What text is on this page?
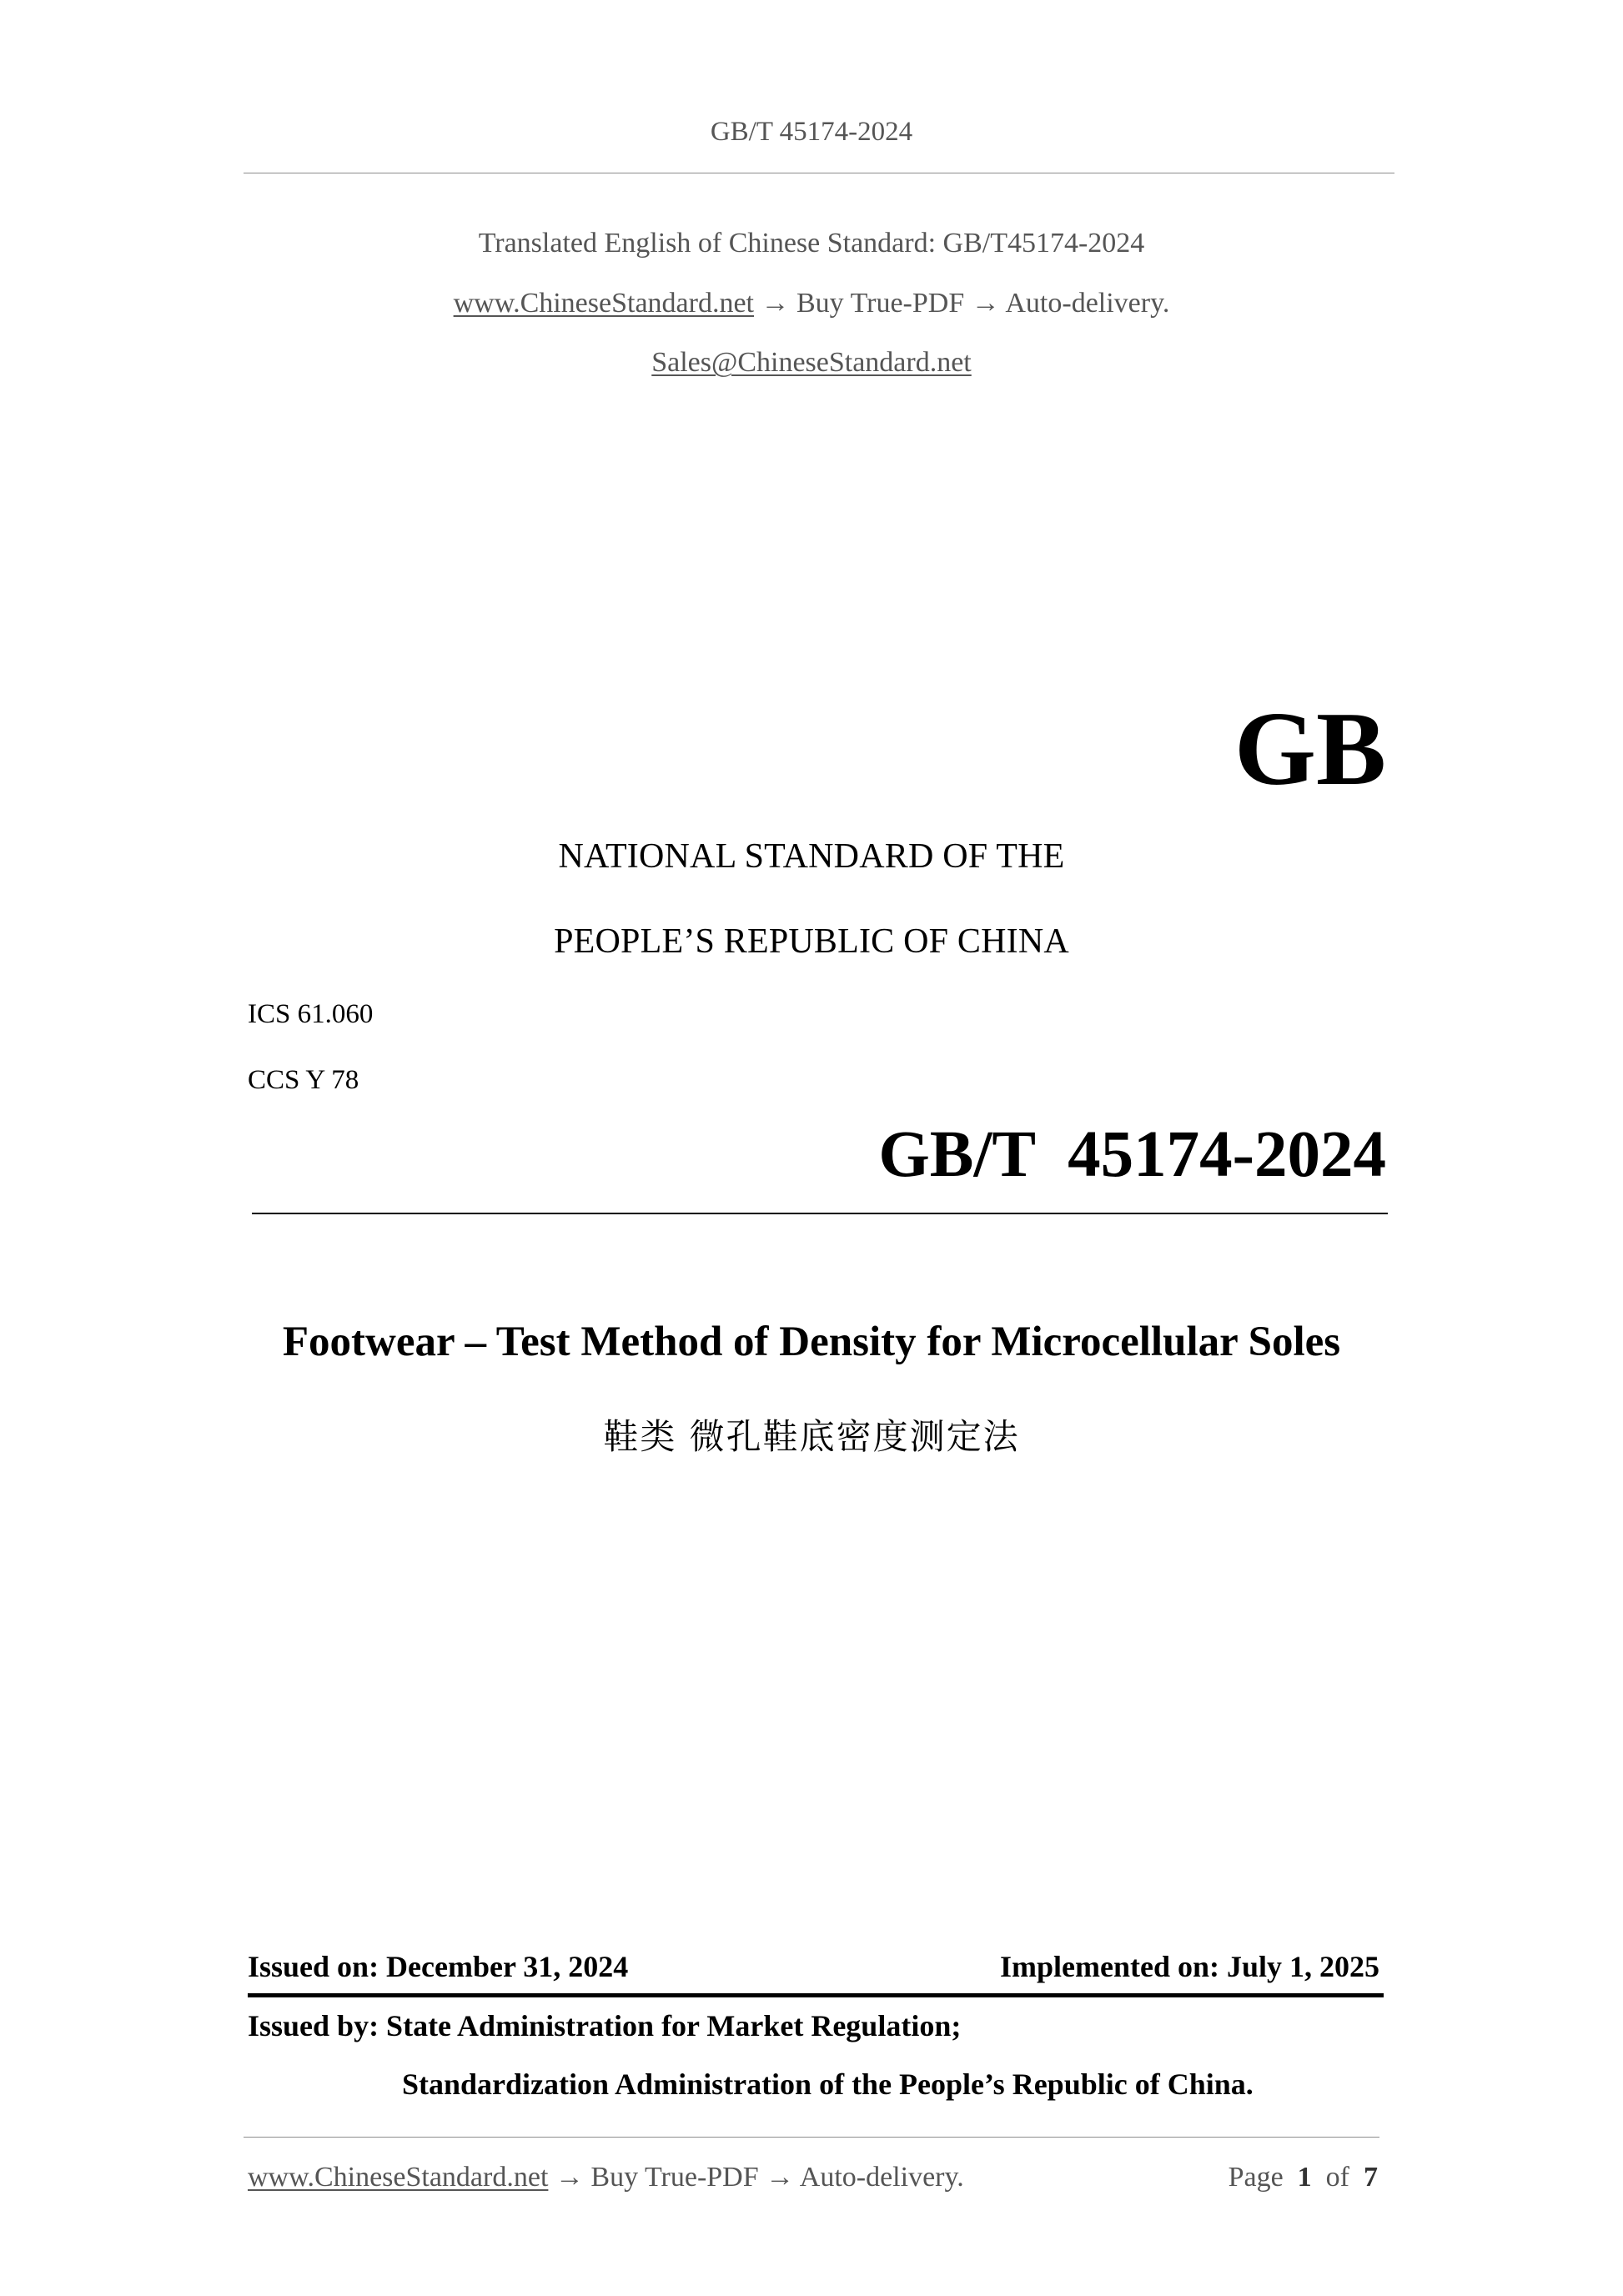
GB/T 45174-2024
Translated English of Chinese Standard: GB/T45174-2024
www.ChineseStandard.net → Buy True-PDF → Auto-delivery.
Sales@ChineseStandard.net
GB
NATIONAL STANDARD OF THE
PEOPLE’S REPUBLIC OF CHINA
ICS 61.060
CCS Y 78
GB/T  45174-2024
Footwear – Test Method of Density for Microcellular Soles
鞋类 微孔鞋底密度测定法
Issued on: December 31, 2024	Implemented on: July 1, 2025
Issued by: State Administration for Market Regulation;
Standardization Administration of the People’s Republic of China.
www.ChineseStandard.net → Buy True-PDF → Auto-delivery.	Page 1 of 7
